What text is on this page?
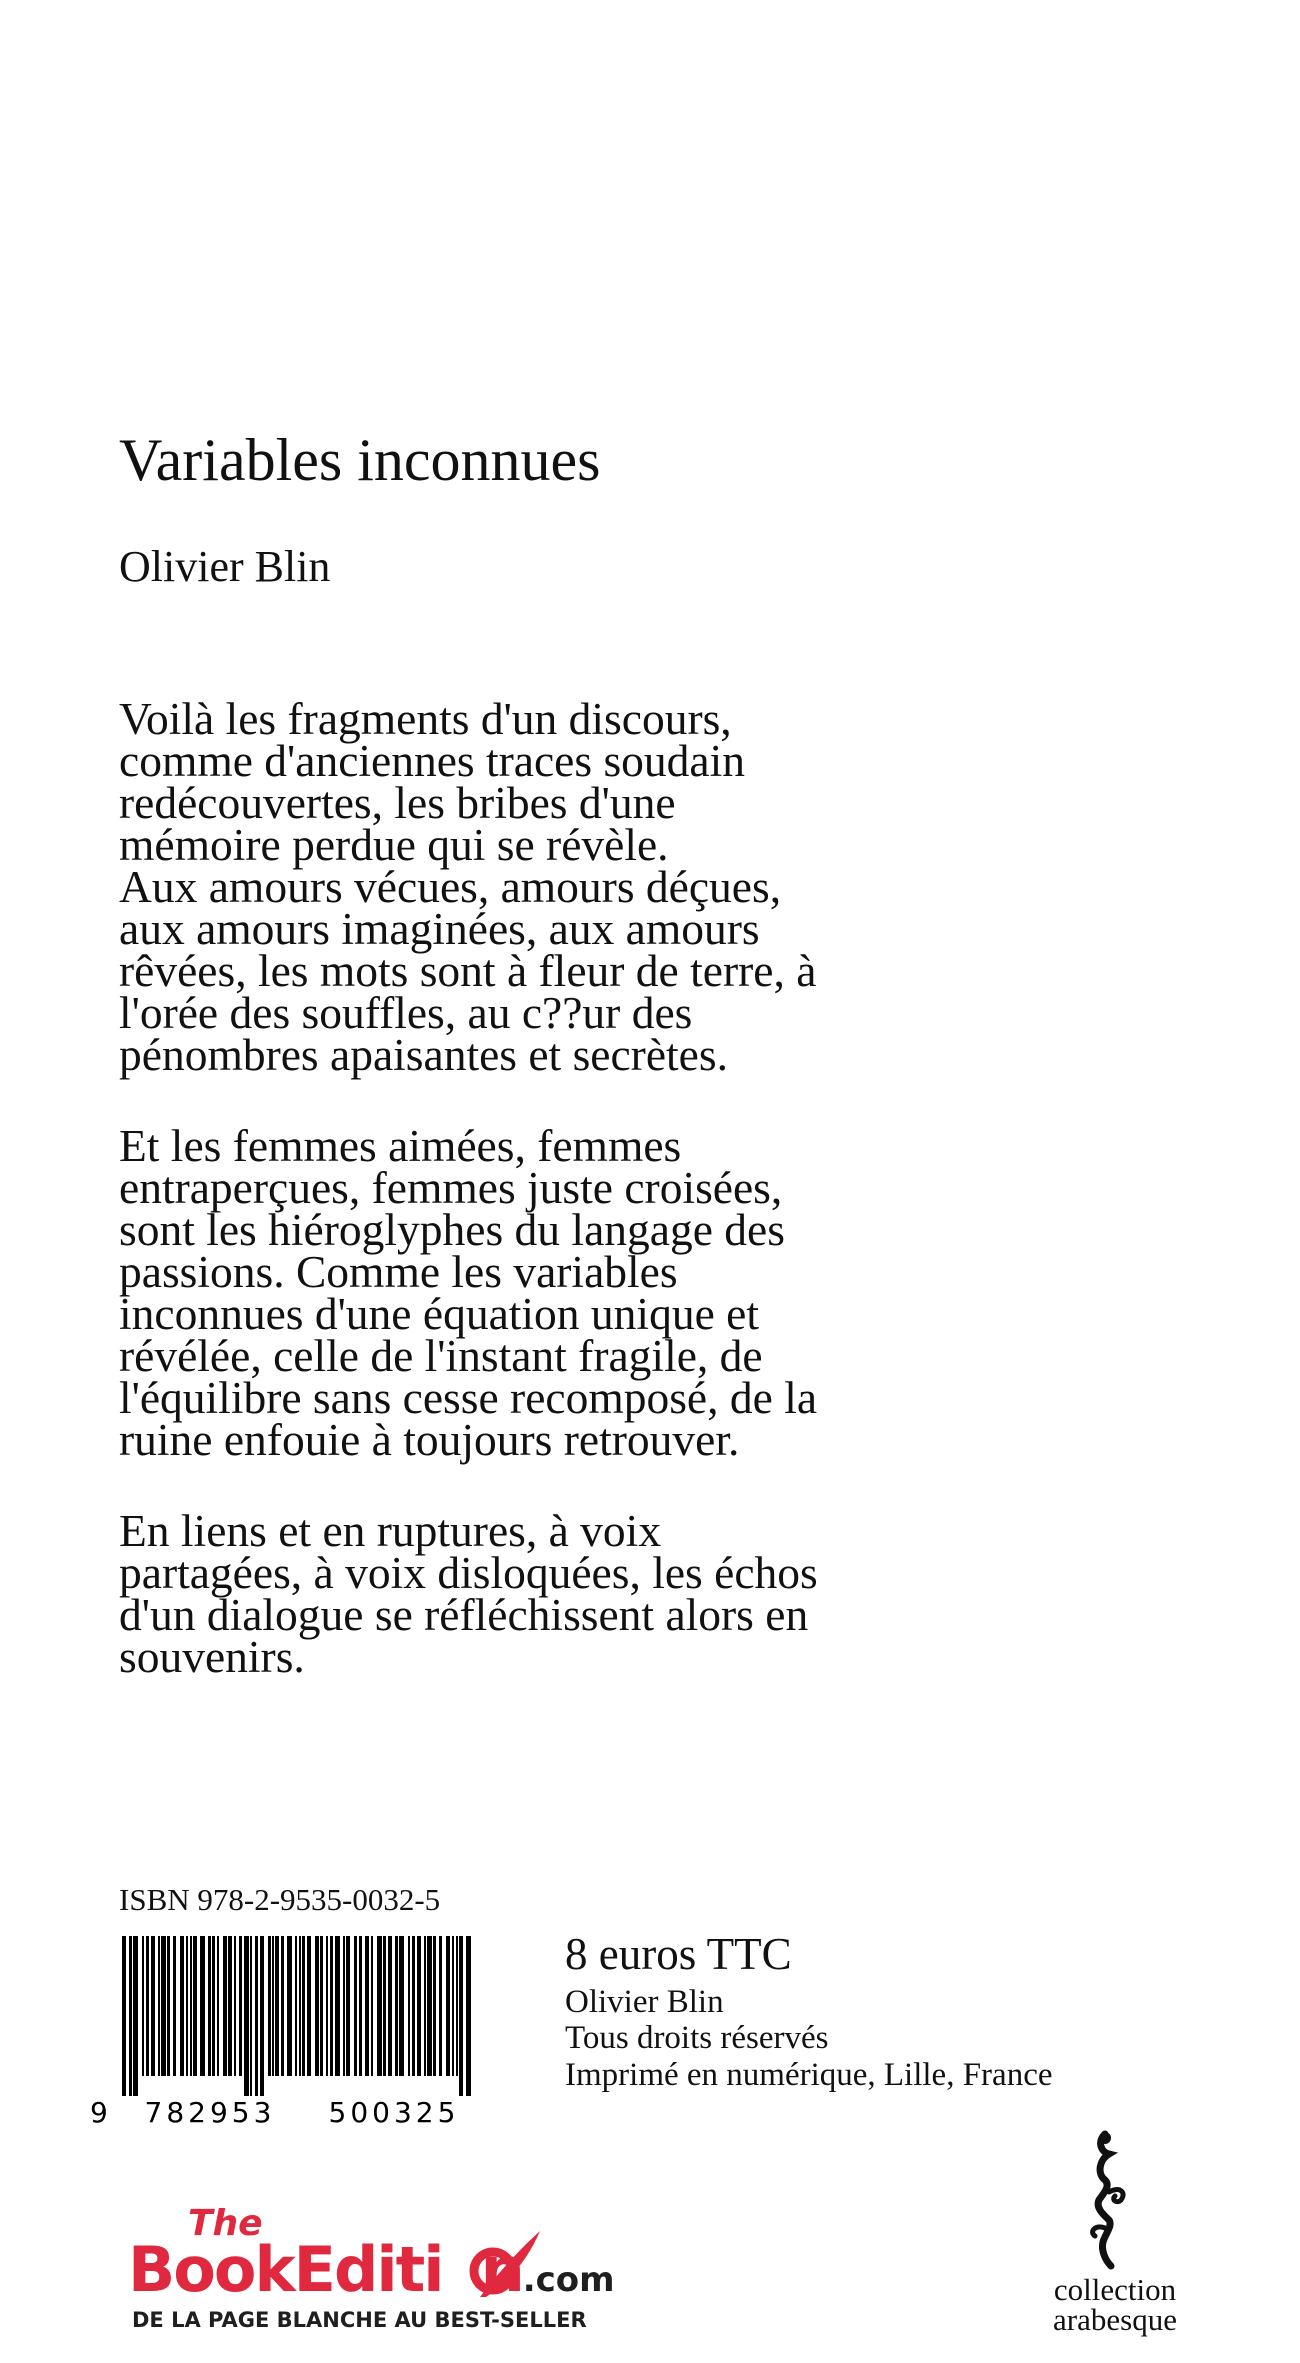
Variables inconnues
Olivier Blin
Voilà les fragments d'un discours,
comme d'anciennes traces soudain
redécouvertes, les bribes d'une
mémoire perdue qui se révèle.
Aux amours vécues, amours déçues,
aux amours imaginées, aux amours
rêvées, les mots sont à fleur de terre, à
l'orée des souffles, au c??ur des
pénombres apaisantes et secrètes.
Et les femmes aimées, femmes
entraperçues, femmes juste croisées,
sont les hiéroglyphes du langage des
passions. Comme les variables
inconnues d'une équation unique et
révélée, celle de l'instant fragile, de
l'équilibre sans cesse recomposé, de la
ruine enfouie à toujours retrouver.
En liens et en ruptures, à voix
partagées, à voix disloquées, les échos
d'un dialogue se réfléchissent alors en
souvenirs.
ISBN 978-2-9535-0032-5
9 782953 500325
8 euros TTC
Olivier Blin
Tous droits réservés
Imprimé en numérique, Lille, France
The
BookEditi n.com
DE LA PAGE BLANCHE AU BEST-SELLER
collection
arabesque
